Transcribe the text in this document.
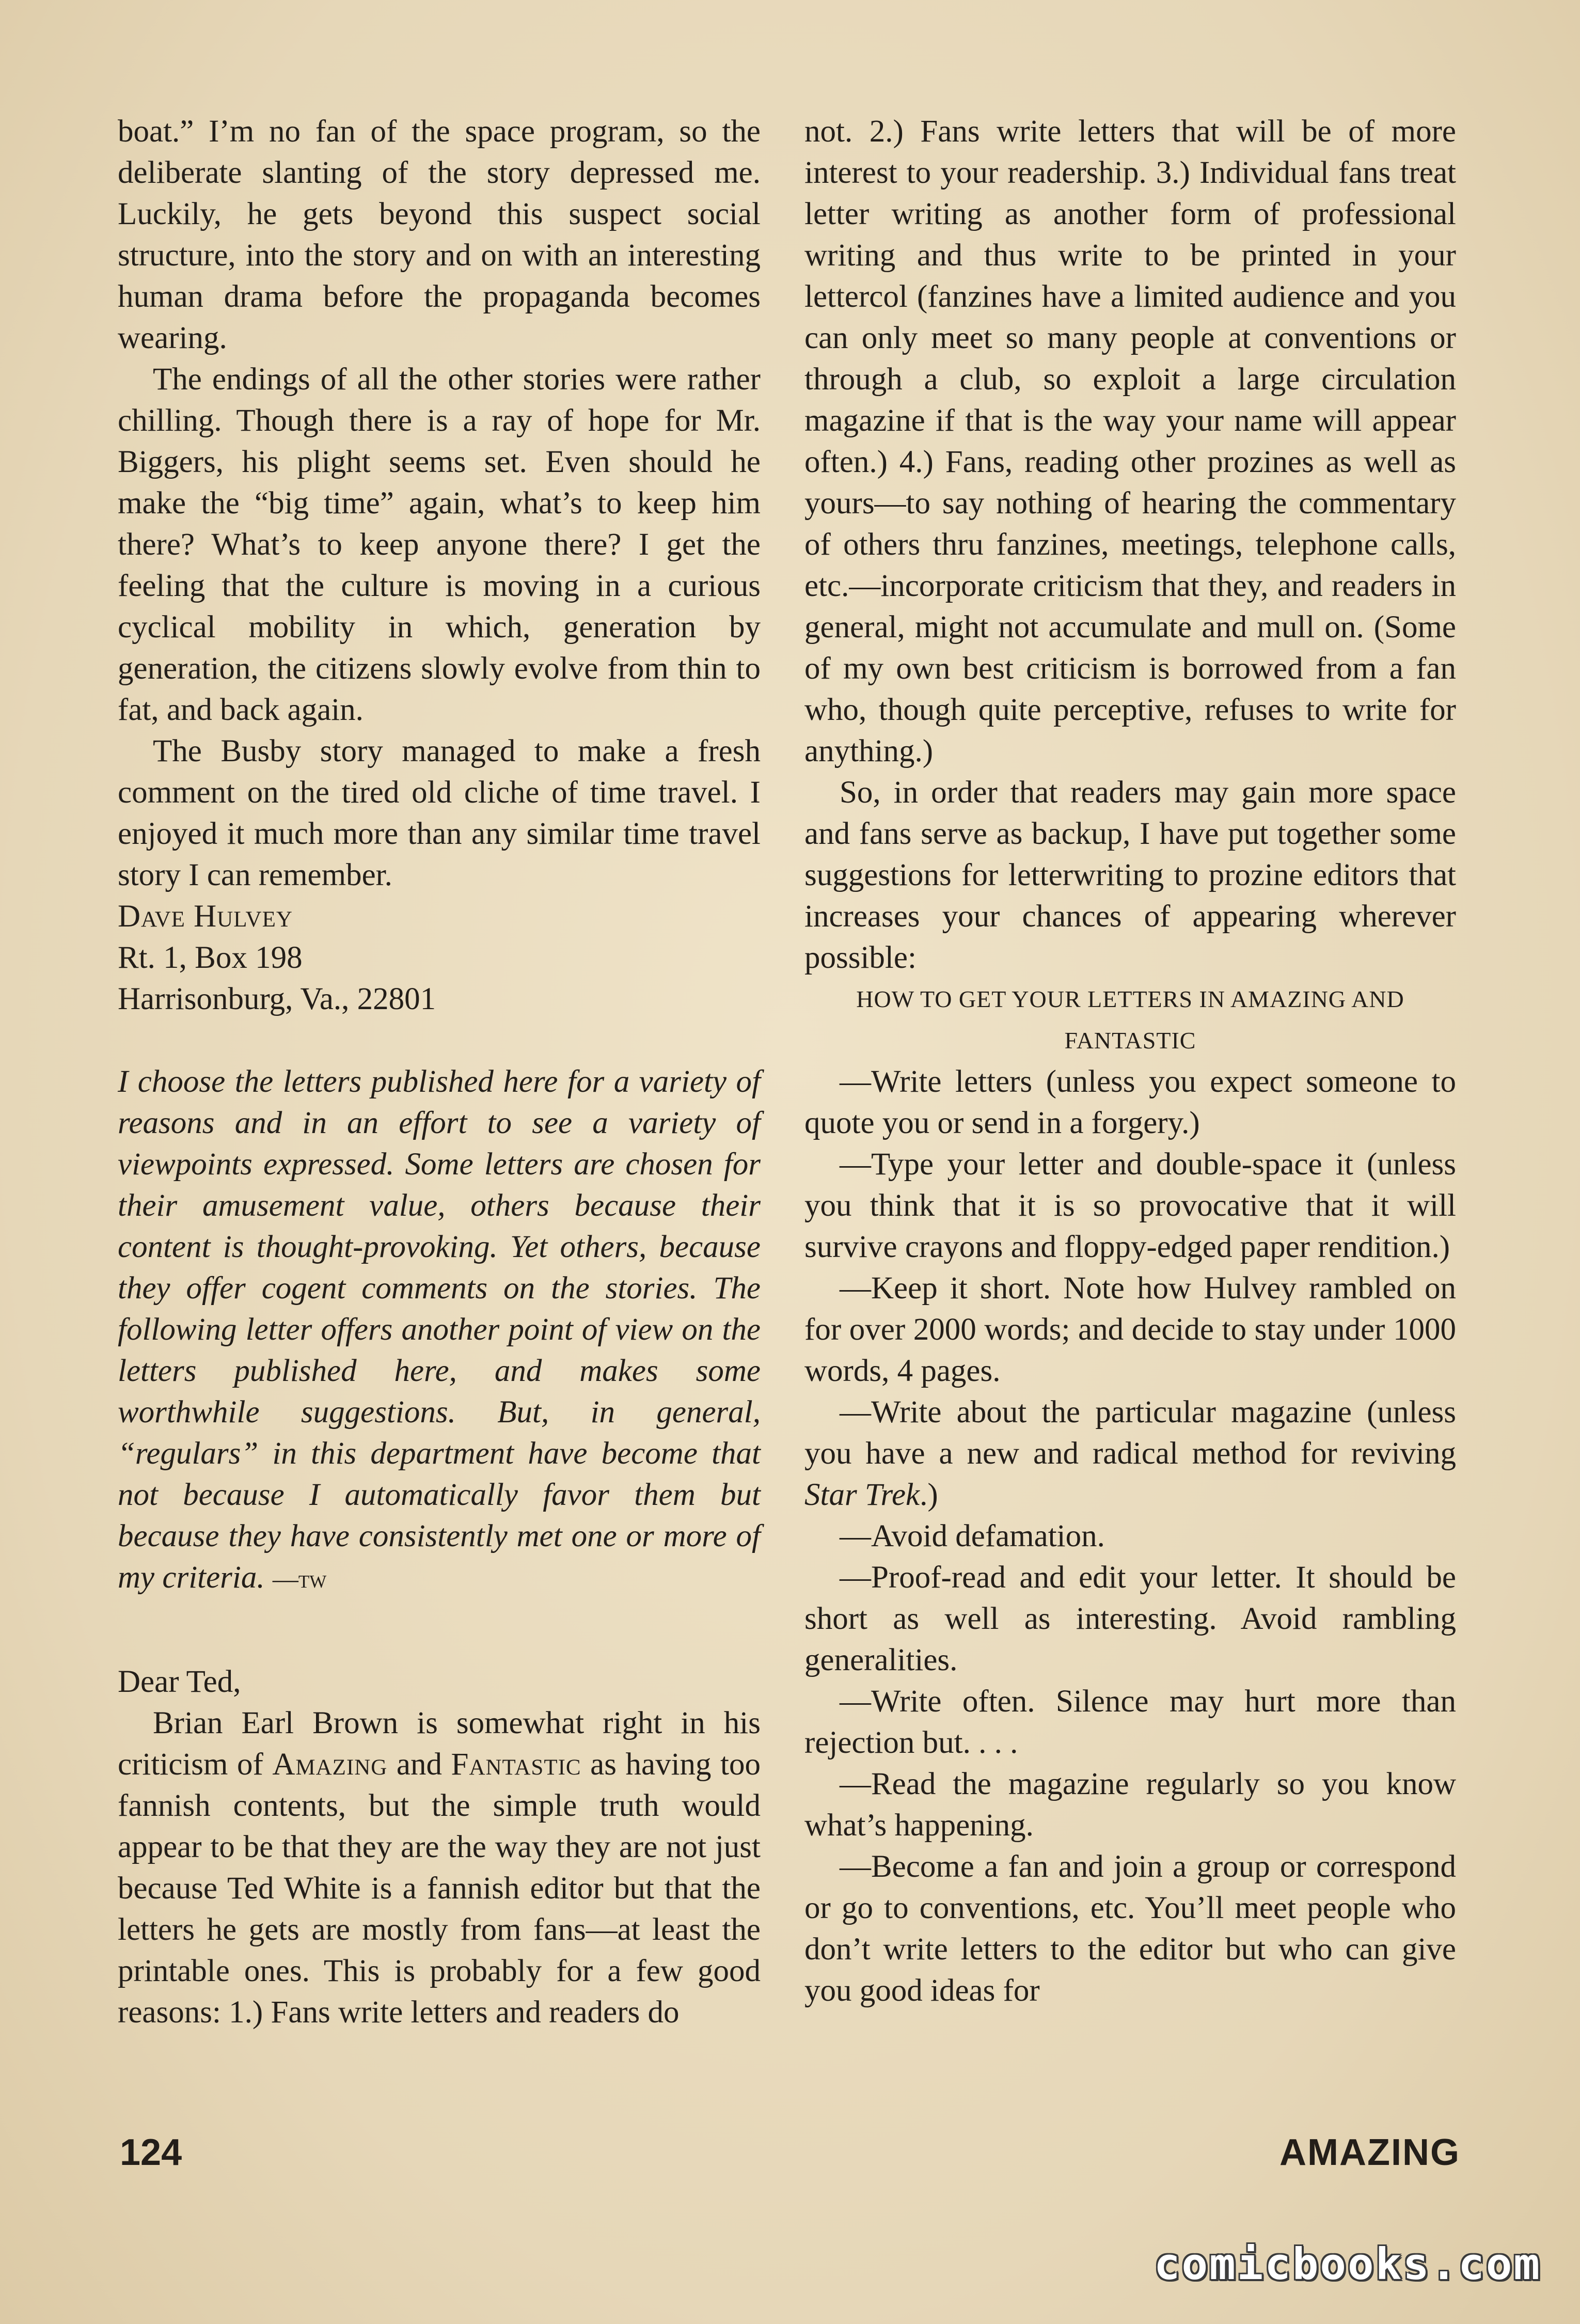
boat.” I’m no fan of the space program, so the deliberate slanting of the story depressed me. Luckily, he gets beyond this suspect social structure, into the story and on with an interesting human drama before the propaganda becomes wearing.

The endings of all the other stories were rather chilling. Though there is a ray of hope for Mr. Biggers, his plight seems set. Even should he make the “big time” again, what’s to keep him there? What’s to keep anyone there? I get the feeling that the culture is moving in a curious cyclical mobility in which, generation by generation, the citizens slowly evolve from thin to fat, and back again.

The Busby story managed to make a fresh comment on the tired old cliche of time travel. I enjoyed it much more than any similar time travel story I can remember.

Dave Hulvey

Rt. 1, Box 198

Harrisonburg, Va., 22801

I choose the letters published here for a variety of reasons and in an effort to see a variety of viewpoints expressed. Some letters are chosen for their amusement value, others because their content is thought-provoking. Yet others, because they offer cogent comments on the stories. The following letter offers another point of view on the letters published here, and makes some worthwhile suggestions. But, in general, “regulars” in this department have become that not because I automatically favor them but because they have consistently met one or more of my criteria. —tw

Dear Ted,

Brian Earl Brown is somewhat right in his criticism of Amazing and Fantastic as having too fannish contents, but the simple truth would appear to be that they are the way they are not just because Ted White is a fannish editor but that the letters he gets are mostly from fans—at least the printable ones. This is probably for a few good reasons: 1.) Fans write letters and readers do

not. 2.) Fans write letters that will be of more interest to your readership. 3.) Individual fans treat letter writing as another form of professional writing and thus write to be printed in your lettercol (fanzines have a limited audience and you can only meet so many people at conventions or through a club, so exploit a large circulation magazine if that is the way your name will appear often.) 4.) Fans, reading other prozines as well as yours—to say nothing of hearing the commentary of others thru fanzines, meetings, telephone calls, etc.—incorporate criticism that they, and readers in general, might not accumulate and mull on. (Some of my own best criticism is borrowed from a fan who, though quite perceptive, refuses to write for anything.)

So, in order that readers may gain more space and fans serve as backup, I have put together some suggestions for letterwriting to prozine editors that increases your chances of appearing wherever possible:

HOW TO GET YOUR LETTERS IN AMAZING AND FANTASTIC

—Write letters (unless you expect someone to quote you or send in a forgery.)

—Type your letter and double-space it (unless you think that it is so provocative that it will survive crayons and floppy-edged paper rendition.)

—Keep it short. Note how Hulvey rambled on for over 2000 words; and decide to stay under 1000 words, 4 pages.

—Write about the particular magazine (unless you have a new and radical method for reviving Star Trek.)

—Avoid defamation.

—Proof-read and edit your letter. It should be short as well as interesting. Avoid rambling generalities.

—Write often. Silence may hurt more than rejection but. . . .

—Read the magazine regularly so you know what’s happening.

—Become a fan and join a group or correspond or go to conventions, etc. You’ll meet people who don’t write letters to the editor but who can give you good ideas for

124	AMAZING
comicbooks.com
